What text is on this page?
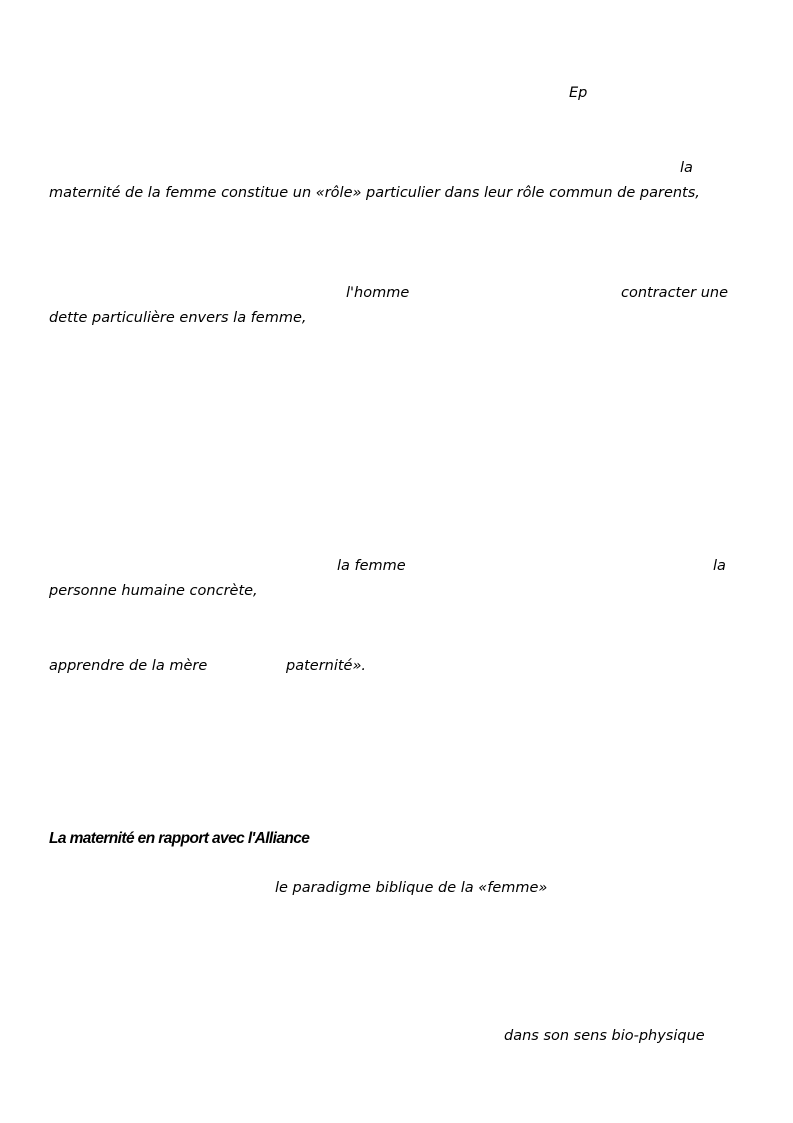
Ep
la
maternité de la femme constitue un «rôle» particulier dans leur rôle commun de parents,
l'homme	contracter une
dette particulière envers la femme,
la femme	la
personne humaine concrète,
apprendre de la mère	paternité».
La maternité en rapport avec l'Alliance
le paradigme biblique de la «femme»
dans son sens bio-physique
